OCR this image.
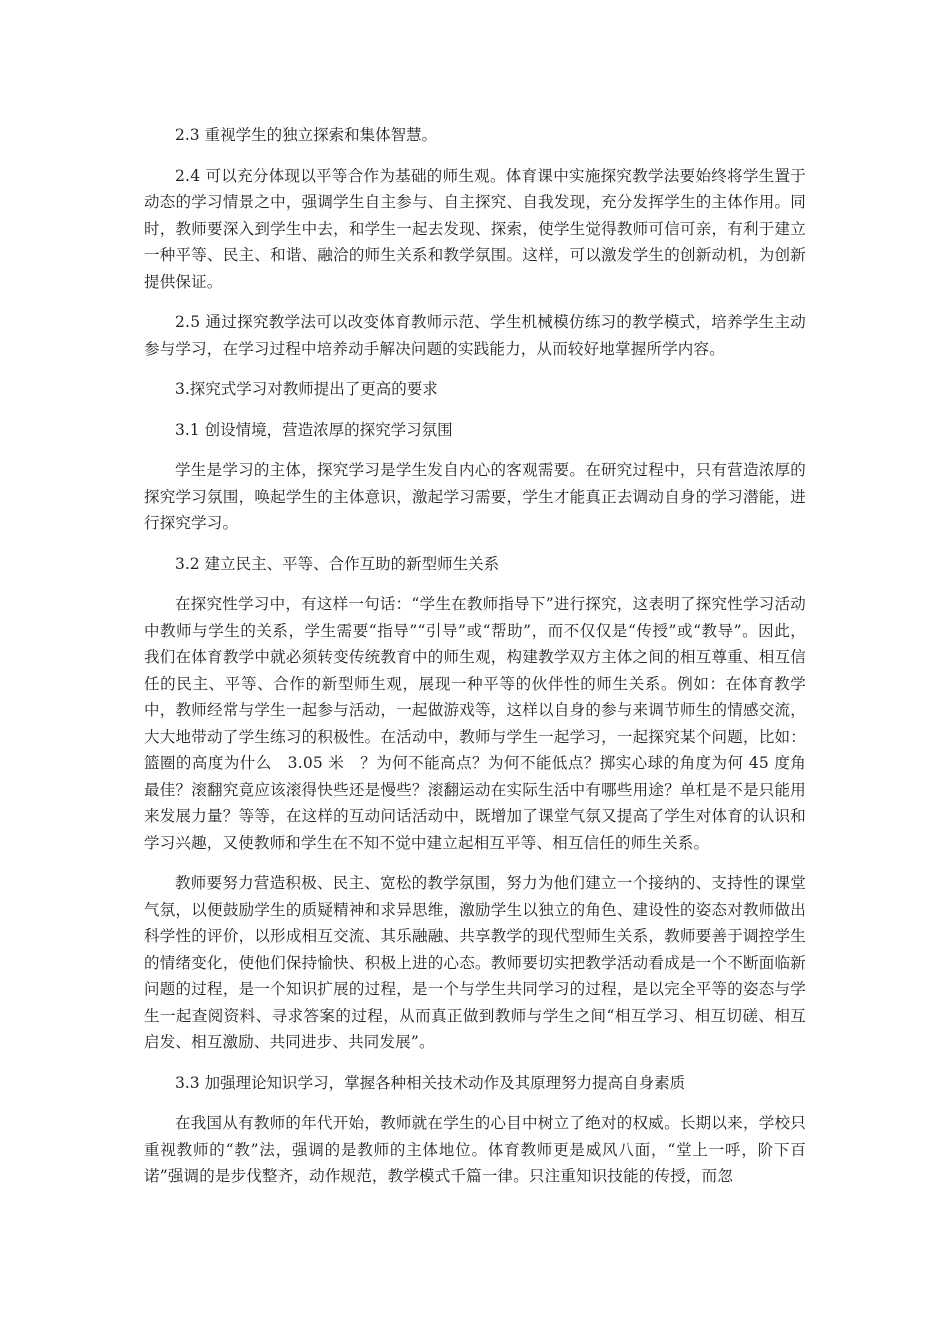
2.3 重视学生的独立探索和集体智慧。

2.4 可以充分体现以平等合作为基础的师生观。体育课中实施探究教学法要始终将学生置于动态的学习情景之中，强调学生自主参与、自主探究、自我发现，充分发挥学生的主体作用。同时，教师要深入到学生中去，和学生一起去发现、探索，使学生觉得教师可信可亲，有利于建立一种平等、民主、和谐、融洽的师生关系和教学氛围。这样，可以激发学生的创新动机，为创新提供保证。

2.5 通过探究教学法可以改变体育教师示范、学生机械模仿练习的教学模式，培养学生主动参与学习，在学习过程中培养动手解决问题的实践能力，从而较好地掌握所学内容。

3.探究式学习对教师提出了更高的要求

3.1 创设情境，营造浓厚的探究学习氛围

学生是学习的主体，探究学习是学生发自内心的客观需要。在研究过程中，只有营造浓厚的探究学习氛围，唤起学生的主体意识，激起学习需要，学生才能真正去调动自身的学习潜能，进行探究学习。

3.2 建立民主、平等、合作互助的新型师生关系

在探究性学习中，有这样一句话：“学生在教师指导下”进行探究，这表明了探究性学习活动中教师与学生的关系，学生需要“指导”“引导”或“帮助”，而不仅仅是“传授”或“教导”。因此，我们在体育教学中就必须转变传统教育中的师生观，构建教学双方主体之间的相互尊重、相互信任的民主、平等、合作的新型师生观，展现一种平等的伙伴性的师生关系。例如：在体育教学中，教师经常与学生一起参与活动，一起做游戏等，这样以自身的参与来调节师生的情感交流，大大地带动了学生练习的积极性。在活动中，教师与学生一起学习，一起探究某个问题，比如：篮圈的高度为什么　3.05 米　？为何不能高点？为何不能低点？掷实心球的角度为何 45 度角最佳？滚翻究竟应该滚得快些还是慢些？滚翻运动在实际生活中有哪些用途？单杠是不是只能用来发展力量？等等，在这样的互动问话活动中，既增加了课堂气氛又提高了学生对体育的认识和学习兴趣，又使教师和学生在不知不觉中建立起相互平等、相互信任的师生关系。

教师要努力营造积极、民主、宽松的教学氛围，努力为他们建立一个接纳的、支持性的课堂气氛，以便鼓励学生的质疑精神和求异思维，激励学生以独立的角色、建设性的姿态对教师做出科学性的评价，以形成相互交流、其乐融融、共享教学的现代型师生关系，教师要善于调控学生的情绪变化，使他们保持愉快、积极上进的心态。教师要切实把教学活动看成是一个不断面临新问题的过程，是一个知识扩展的过程，是一个与学生共同学习的过程，是以完全平等的姿态与学生一起查阅资料、寻求答案的过程，从而真正做到教师与学生之间“相互学习、相互切磋、相互启发、相互激励、共同进步、共同发展”。

3.3 加强理论知识学习，掌握各种相关技术动作及其原理努力提高自身素质

在我国从有教师的年代开始，教师就在学生的心目中树立了绝对的权威。长期以来，学校只重视教师的“教”法，强调的是教师的主体地位。体育教师更是威风八面，“堂上一呼，阶下百诺”强调的是步伐整齐，动作规范，教学模式千篇一律。只注重知识技能的传授，而忽
